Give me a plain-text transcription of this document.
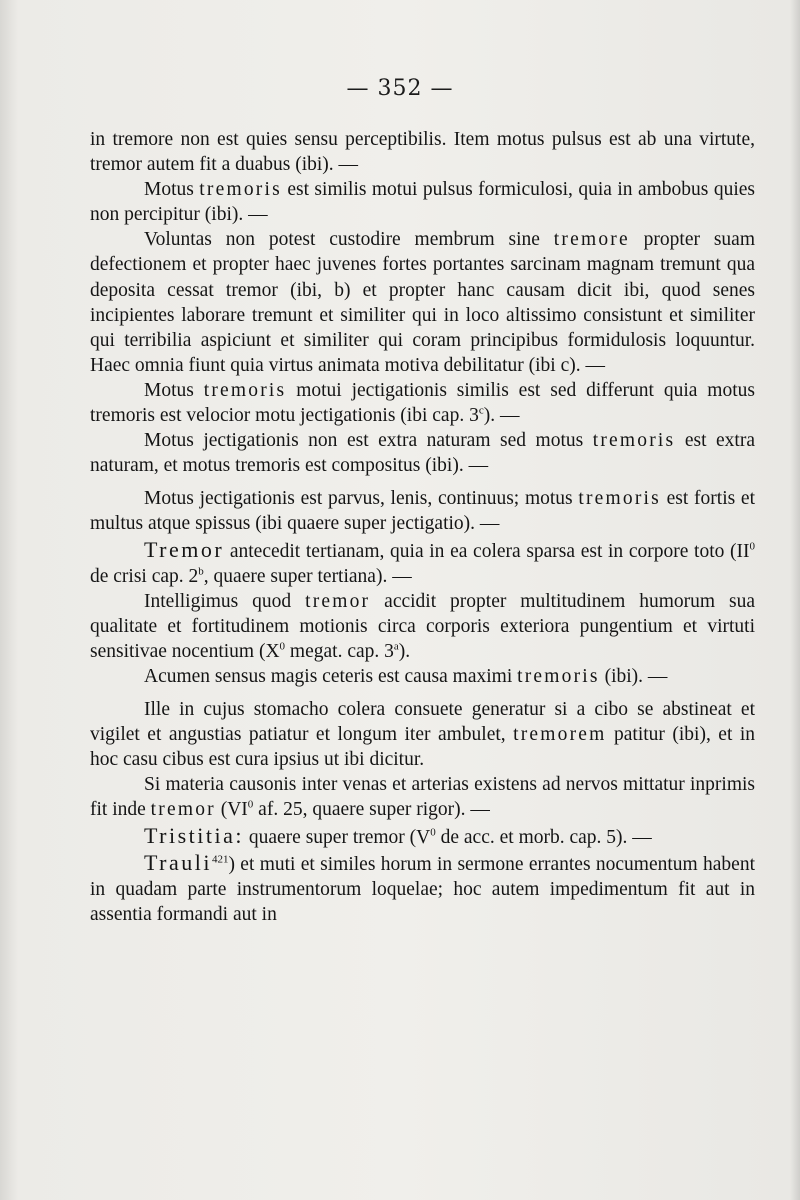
— 352 —

in tremore non est quies sensu perceptibilis. Item motus pulsus est ab una virtute, tremor autem fit a duabus (ibi). —

Motus tremoris est similis motui pulsus formiculosi, quia in ambobus quies non percipitur (ibi). —

Voluntas non potest custodire membrum sine tremore propter suam defectionem et propter haec juvenes fortes portantes sarcinam magnam tremunt qua deposita cessat tremor (ibi, b) et propter hanc causam dicit ibi, quod senes incipientes laborare tremunt et similiter qui in loco altissimo consistunt et similiter qui terribilia aspiciunt et similiter qui coram principibus formidulosis loquuntur. Haec omnia fiunt quia virtus animata motiva debilitatur (ibi c). —

Motus tremoris motui jectigationis similis est sed differunt quia motus tremoris est velocior motu jectigationis (ibi cap. 3$^c$). —

Motus jectigationis non est extra naturam sed motus tremoris est extra naturam, et motus tremoris est compositus (ibi). —

Motus jectigationis est parvus, lenis, continuus; motus tremoris est fortis et multus atque spissus (ibi quaere super jectigatio). —

Tremor antecedit tertianam, quia in ea colera sparsa est in corpore toto ($II^0$ de crisi cap. 2$^b$, quaere super tertiana). —

Intelligimus quod tremor accidit propter multitudinem humorum sua qualitate et fortitudinem motionis circa corporis exteriora pungentium et virtuti sensitivae nocentium ($X^0$ megat. cap. 3$^a$).

Acumen sensus magis ceteris est causa maximi tremoris (ibi). —

Ille in cujus stomacho colera consuete generatur si a cibo se abstineat et vigilet et angustias patiatur et longum iter ambulet, tremorem patitur (ibi), et in hoc casu cibus est cura ipsius ut ibi dicitur.

Si materia causonis inter venas et arterias existens ad nervos mittatur inprimis fit inde tremor ($VI^0$ af. 25, quaere super rigor). —

Tristitia: quaere super tremor ($V^0$ de acc. et morb. cap. 5). —

Trauli$^{421}$) et muti et similes horum in sermone errantes nocumentum habent in quadam parte instrumentorum loquelae; hoc autem impedimentum fit aut in assentia formandi aut in
